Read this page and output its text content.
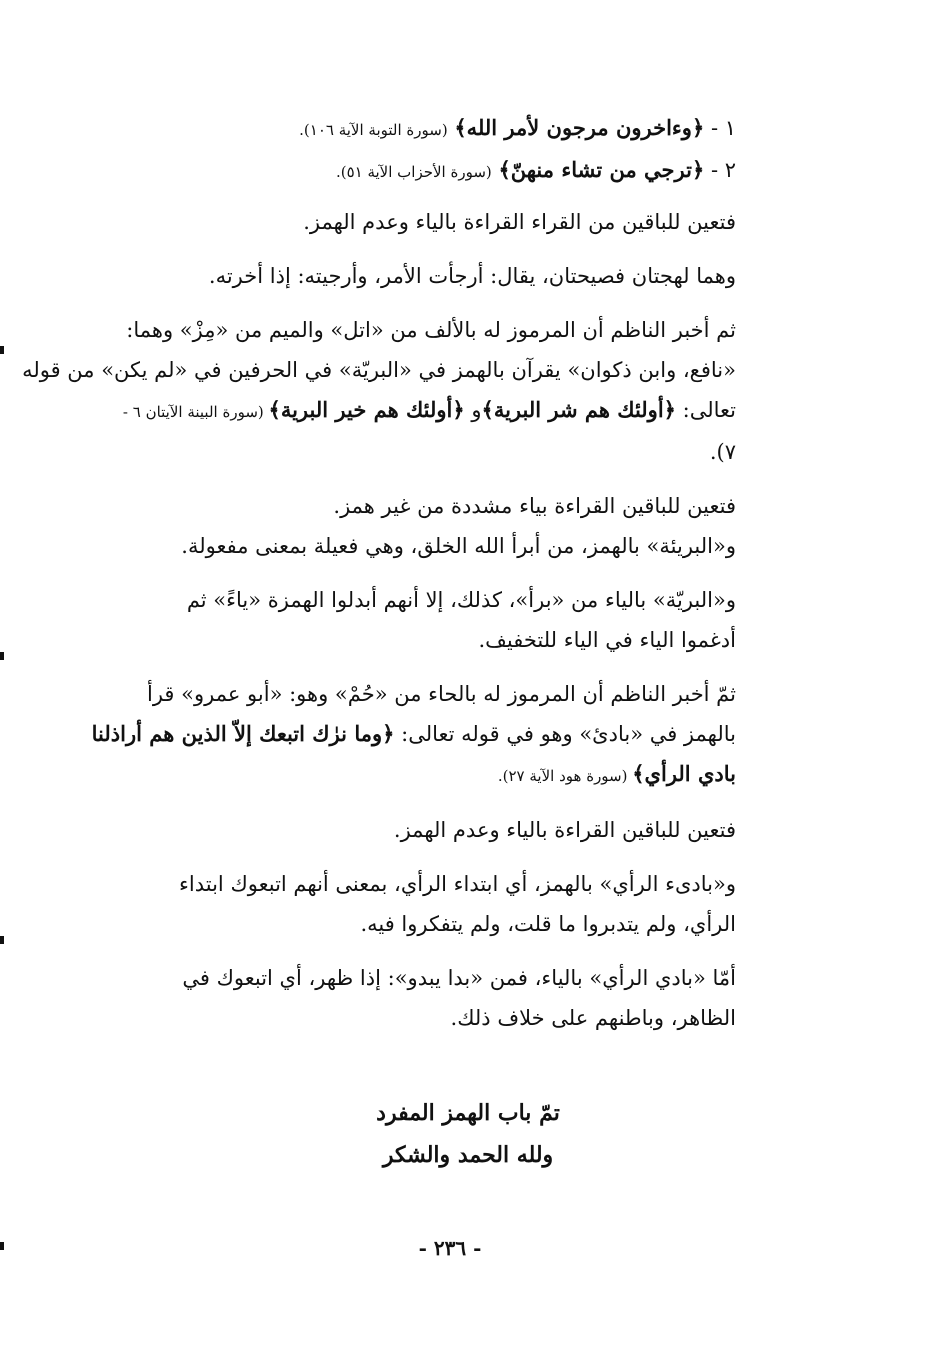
١ - ﴿وءاخرون مرجون لأمر الله﴾ (سورة التوبة الآية ١٠٦).
٢ - ﴿ترجي من تشاء منهنّ﴾ (سورة الأحزاب الآية ٥١).
فتعين للباقين من القراء القراءة بالياء وعدم الهمز.
وهما لهجتان فصيحتان، يقال: أرجأت الأمر، وأرجيته: إذا أخرته.
ثم أخبر الناظم أن المرموز له بالألف من «اتل» والميم من «مِزْ» وهما:
«نافع، وابن ذكوان» يقرآن بالهمز في «البريّة» في الحرفين في «لم يكن» من قوله
تعالى: ﴿أولئك هم شر البرية﴾و ﴿أولئك هم خير البرية﴾ (سورة البينة الآيتان ٦ -
٧).
فتعين للباقين القراءة بياء مشددة من غير همز.
و«البريئة» بالهمز، من أبرأ الله الخلق، وهي فعيلة بمعنى مفعولة.
و«البريّة» بالياء من «برأ»، كذلك، إلا أنهم أبدلوا الهمزة «ياءً» ثم
أدغموا الياء في الياء للتخفيف.
ثمّ أخبر الناظم أن المرموز له بالحاء من «حُمْ» وهو: «أبو عمرو» قرأ
بالهمز في «بادئ» وهو في قوله تعالى: ﴿وما نرٰك اتبعك إلاّ الذين هم أراذلنا
بادي الرأي﴾ (سورة هود الآية ٢٧).
فتعين للباقين القراءة بالياء وعدم الهمز.
و«بادىء الرأي» بالهمز، أي ابتداء الرأي، بمعنى أنهم اتبعوك ابتداء
الرأي، ولم يتدبروا ما قلت، ولم يتفكروا فيه.
أمّا «بادي الرأي» بالياء، فمن «بدا يبدو»: إذا ظهر، أي اتبعوك في
الظاهر، وباطنهم على خلاف ذلك.
تمّ باب الهمز المفرد
ولله الحمد والشكر
- ٢٣٦ -
